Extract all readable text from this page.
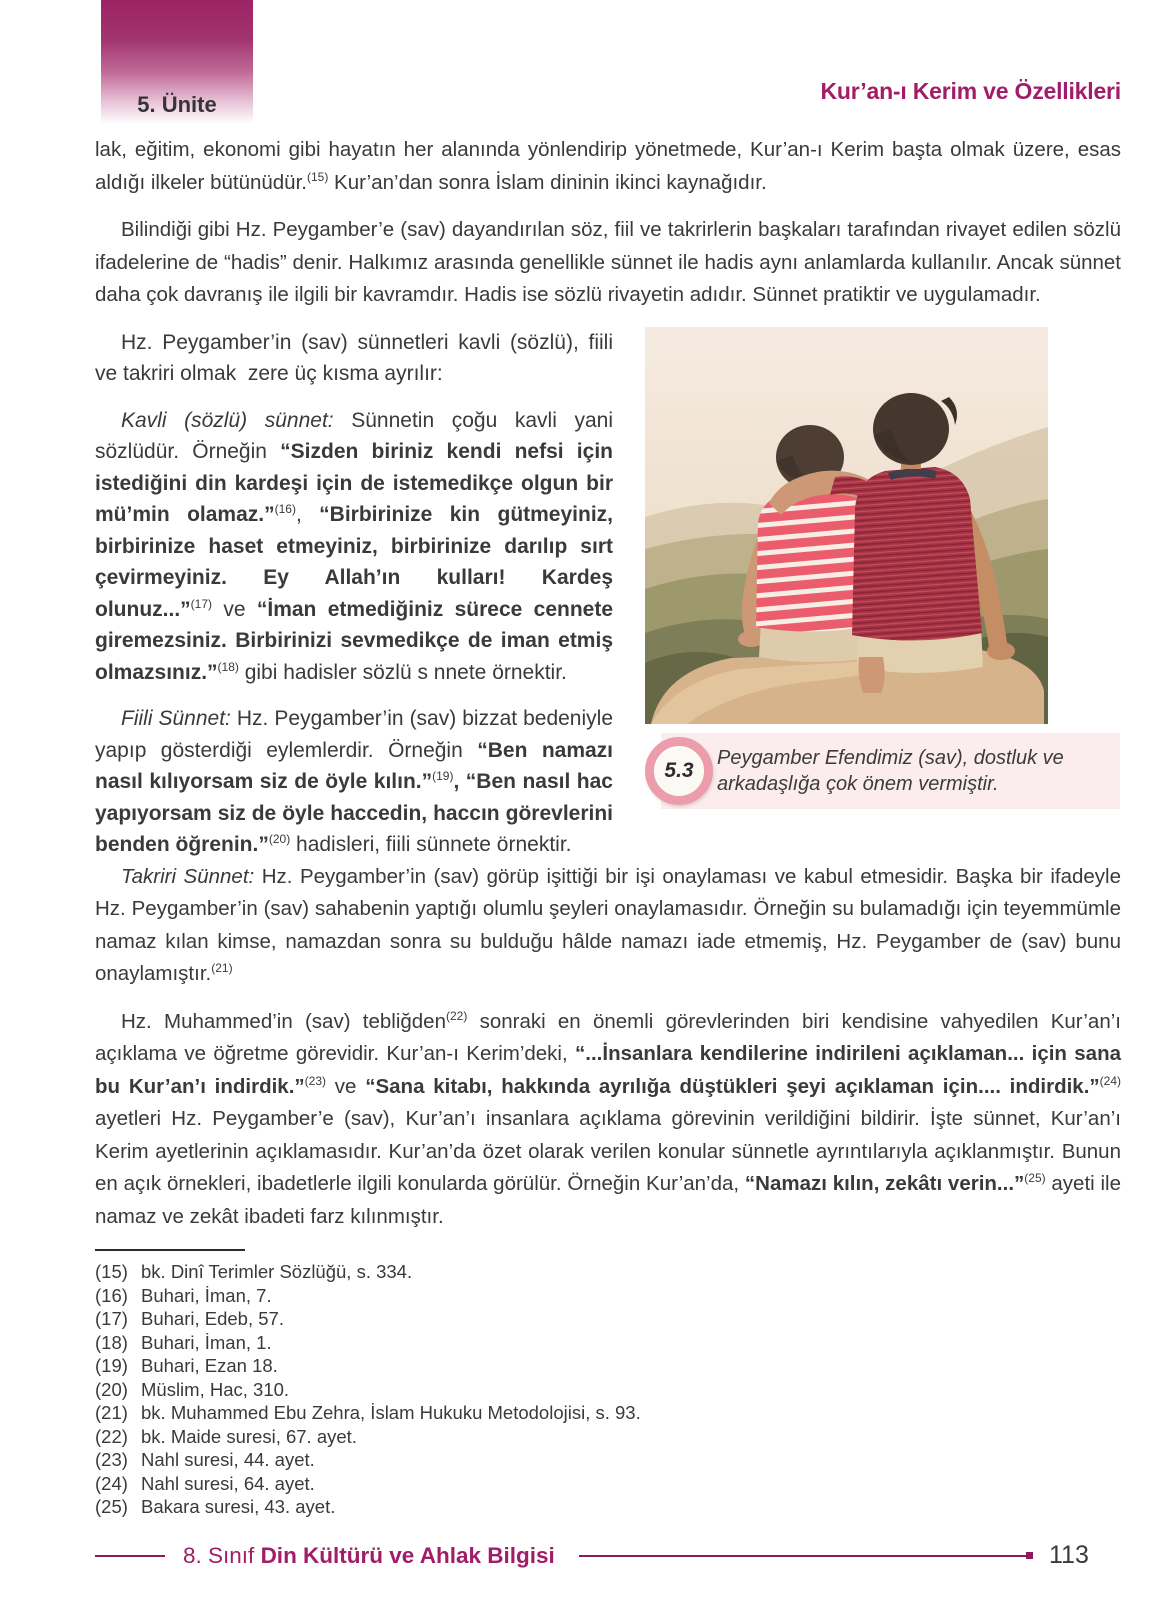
5. Ünite
Kur’an-ı Kerim ve Özellikleri

lak, eğitim, ekonomi gibi hayatın her alanında yönlendirip yönetmede, Kur’an-ı Kerim başta olmak üzere, esas aldığı ilkeler bütünüdür.$^{(15)}$ Kur’an’dan sonra İslam dininin ikinci kaynağıdır.

Bilindiği gibi Hz. Peygamber’e (sav) dayandırılan söz, fiil ve takrirlerin başkaları tarafından rivayet edilen sözlü ifadelerine de “hadis” denir. Halkımız arasında genellikle sünnet ile hadis aynı anlamlarda kullanılır. Ancak sünnet daha çok davranış ile ilgili bir kavramdır. Hadis ise sözlü rivayetin adıdır. Sünnet pratiktir ve uygulamadır.

Hz. Peygamber’in (sav) sünnetleri kavli (sözlü), fiili ve takriri olmak  zere üç kısma ayrılır:

Kavli (sözlü) sünnet: Sünnetin çoğu kavli yani sözlüdür. Örneğin “Sizden biriniz kendi nefsi için istediğini din kardeşi için de istemedikçe olgun bir mü’min olamaz.”$^{(16)}$, “Birbirinize kin gütmeyiniz, birbirinize haset etmeyiniz, birbirinize darılıp sırt çevirmeyiniz. Ey Allah’ın kulları! Kardeş olunuz...”$^{(17)}$ ve “İman etmediğiniz sürece cennete giremezsiniz. Birbirinizi sevmedikçe de iman etmiş olmazsınız.”$^{(18)}$ gibi hadisler sözlü s nnete örnektir.

Fiili Sünnet: Hz. Peygamber’in (sav) bizzat bedeniyle yapıp gösterdiği eylemlerdir. Örneğin “Ben namazı nasıl kılıyorsam siz de öyle kılın.”$^{(19)}$, “Ben nasıl hac yapıyorsam siz de öyle haccedin, haccın görevlerini benden öğrenin.”$^{(20)}$ hadisleri, fiili sünnete örnektir.

5.3
Peygamber Efendimiz (sav), dostluk ve arkadaşlığa çok önem vermiştir.

Takriri Sünnet: Hz. Peygamber’in (sav) görüp işittiği bir işi onaylaması ve kabul etmesidir. Başka bir ifadeyle Hz. Peygamber’in (sav) sahabenin yaptığı olumlu şeyleri onaylamasıdır. Örneğin su bulamadığı için teyemmümle namaz kılan kimse, namazdan sonra su bulduğu hâlde namazı iade etmemiş, Hz. Peygamber de (sav) bunu onaylamıştır.$^{(21)}$

Hz. Muhammed’in (sav) tebliğden$^{(22)}$ sonraki en önemli görevlerinden biri kendisine vahyedilen Kur’an’ı açıklama ve öğretme görevidir. Kur’an-ı Kerim’deki, “...İnsanlara kendilerine indirileni açıklaman... için sana bu Kur’an’ı indirdik.”$^{(23)}$ ve “Sana kitabı, hakkında ayrılığa düştükleri şeyi açıklaman için.... indirdik.”$^{(24)}$ ayetleri Hz. Peygamber’e (sav), Kur’an’ı insanlara açıklama görevinin verildiğini bildirir. İşte sünnet, Kur’an’ı Kerim ayetlerinin açıklamasıdır. Kur’an’da özet olarak verilen konular sünnetle ayrıntılarıyla açıklanmıştır. Bunun en açık örnekleri, ibadetlerle ilgili konularda görülür. Örneğin Kur’an’da, “Namazı kılın, zekâtı verin...”$^{(25)}$ ayeti ile namaz ve zekât ibadeti farz kılınmıştır.

(15) bk. Dinî Terimler Sözlüğü, s. 334.
(16) Buhari, İman, 7.
(17) Buhari, Edeb, 57.
(18) Buhari, İman, 1.
(19) Buhari, Ezan 18.
(20) Müslim, Hac, 310.
(21) bk. Muhammed Ebu Zehra, İslam Hukuku Metodolojisi, s. 93.
(22) bk. Maide suresi, 67. ayet.
(23) Nahl suresi, 44. ayet.
(24) Nahl suresi, 64. ayet.
(25) Bakara suresi, 43. ayet.
8. Sınıf Din Kültürü ve Ahlak Bilgisi	113
